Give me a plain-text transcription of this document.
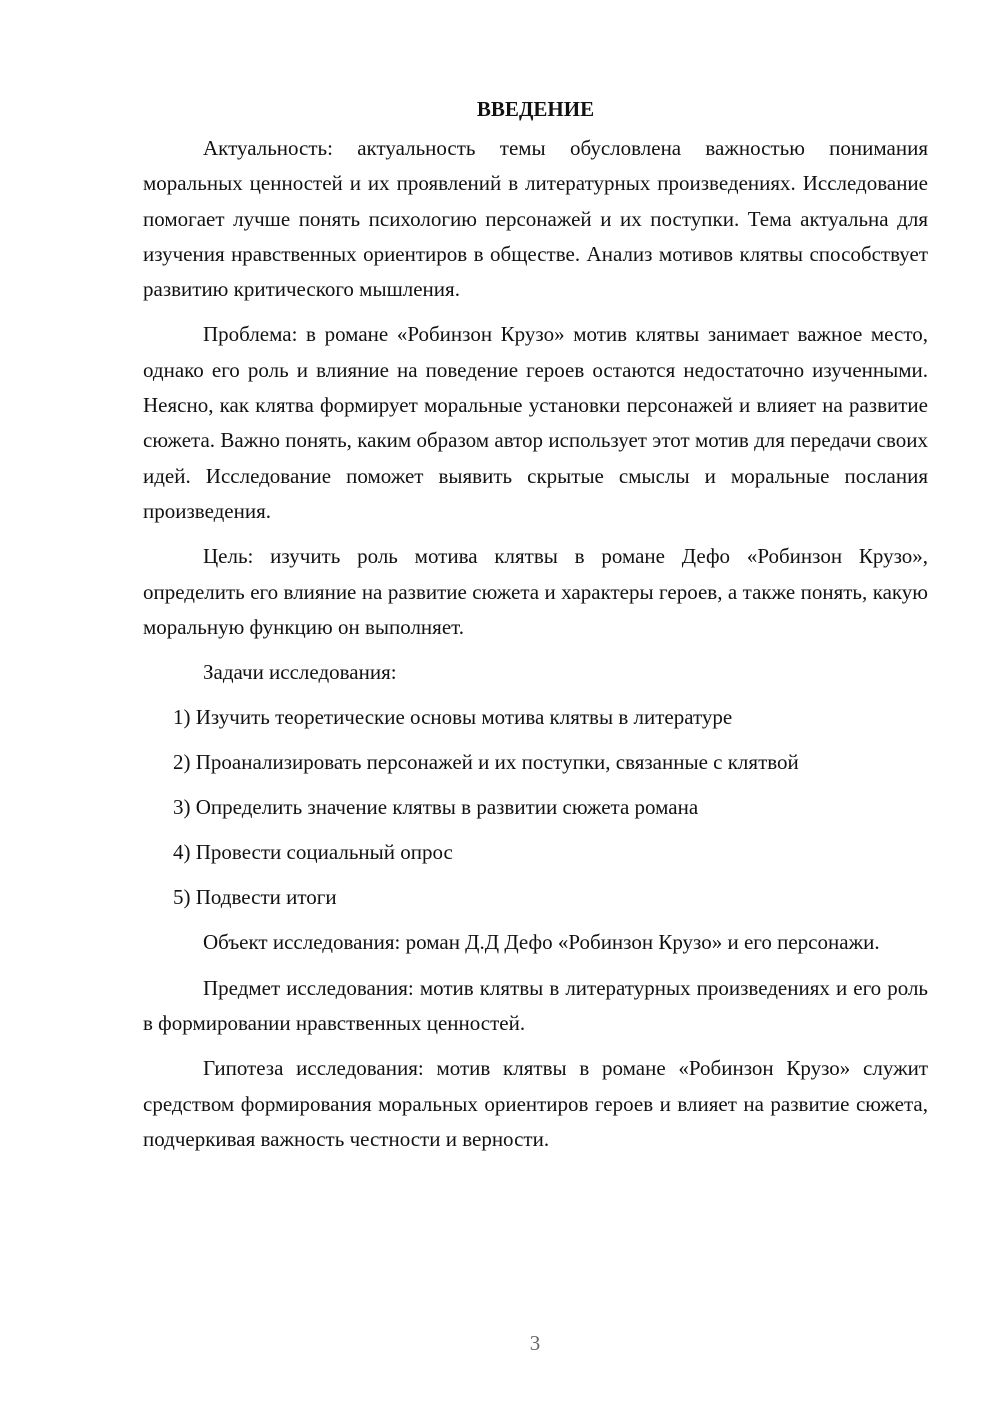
ВВЕДЕНИЕ

Актуальность: актуальность темы обусловлена важностью понимания моральных ценностей и их проявлений в литературных произведениях. Исследование помогает лучше понять психологию персонажей и их поступки. Тема актуальна для изучения нравственных ориентиров в обществе. Анализ мотивов клятвы способствует развитию критического мышления.

Проблема: в романе «Робинзон Крузо» мотив клятвы занимает важное место, однако его роль и влияние на поведение героев остаются недостаточно изученными. Неясно, как клятва формирует моральные установки персонажей и влияет на развитие сюжета. Важно понять, каким образом автор использует этот мотив для передачи своих идей. Исследование поможет выявить скрытые смыслы и моральные послания произведения.

Цель: изучить роль мотива клятвы в романе Дефо «Робинзон Крузо», определить его влияние на развитие сюжета и характеры героев, а также понять, какую моральную функцию он выполняет.

Задачи исследования:

1) Изучить теоретические основы мотива клятвы в литературе
2) Проанализировать персонажей и их поступки, связанные с клятвой
3) Определить значение клятвы в развитии сюжета романа
4) Провести социальный опрос
5) Подвести итоги

Объект исследования: роман Д.Д Дефо «Робинзон Крузо» и его персонажи.

Предмет исследования: мотив клятвы в литературных произведениях и его роль в формировании нравственных ценностей.

Гипотеза исследования: мотив клятвы в романе «Робинзон Крузо» служит средством формирования моральных ориентиров героев и влияет на развитие сюжета, подчеркивая важность честности и верности.

3
